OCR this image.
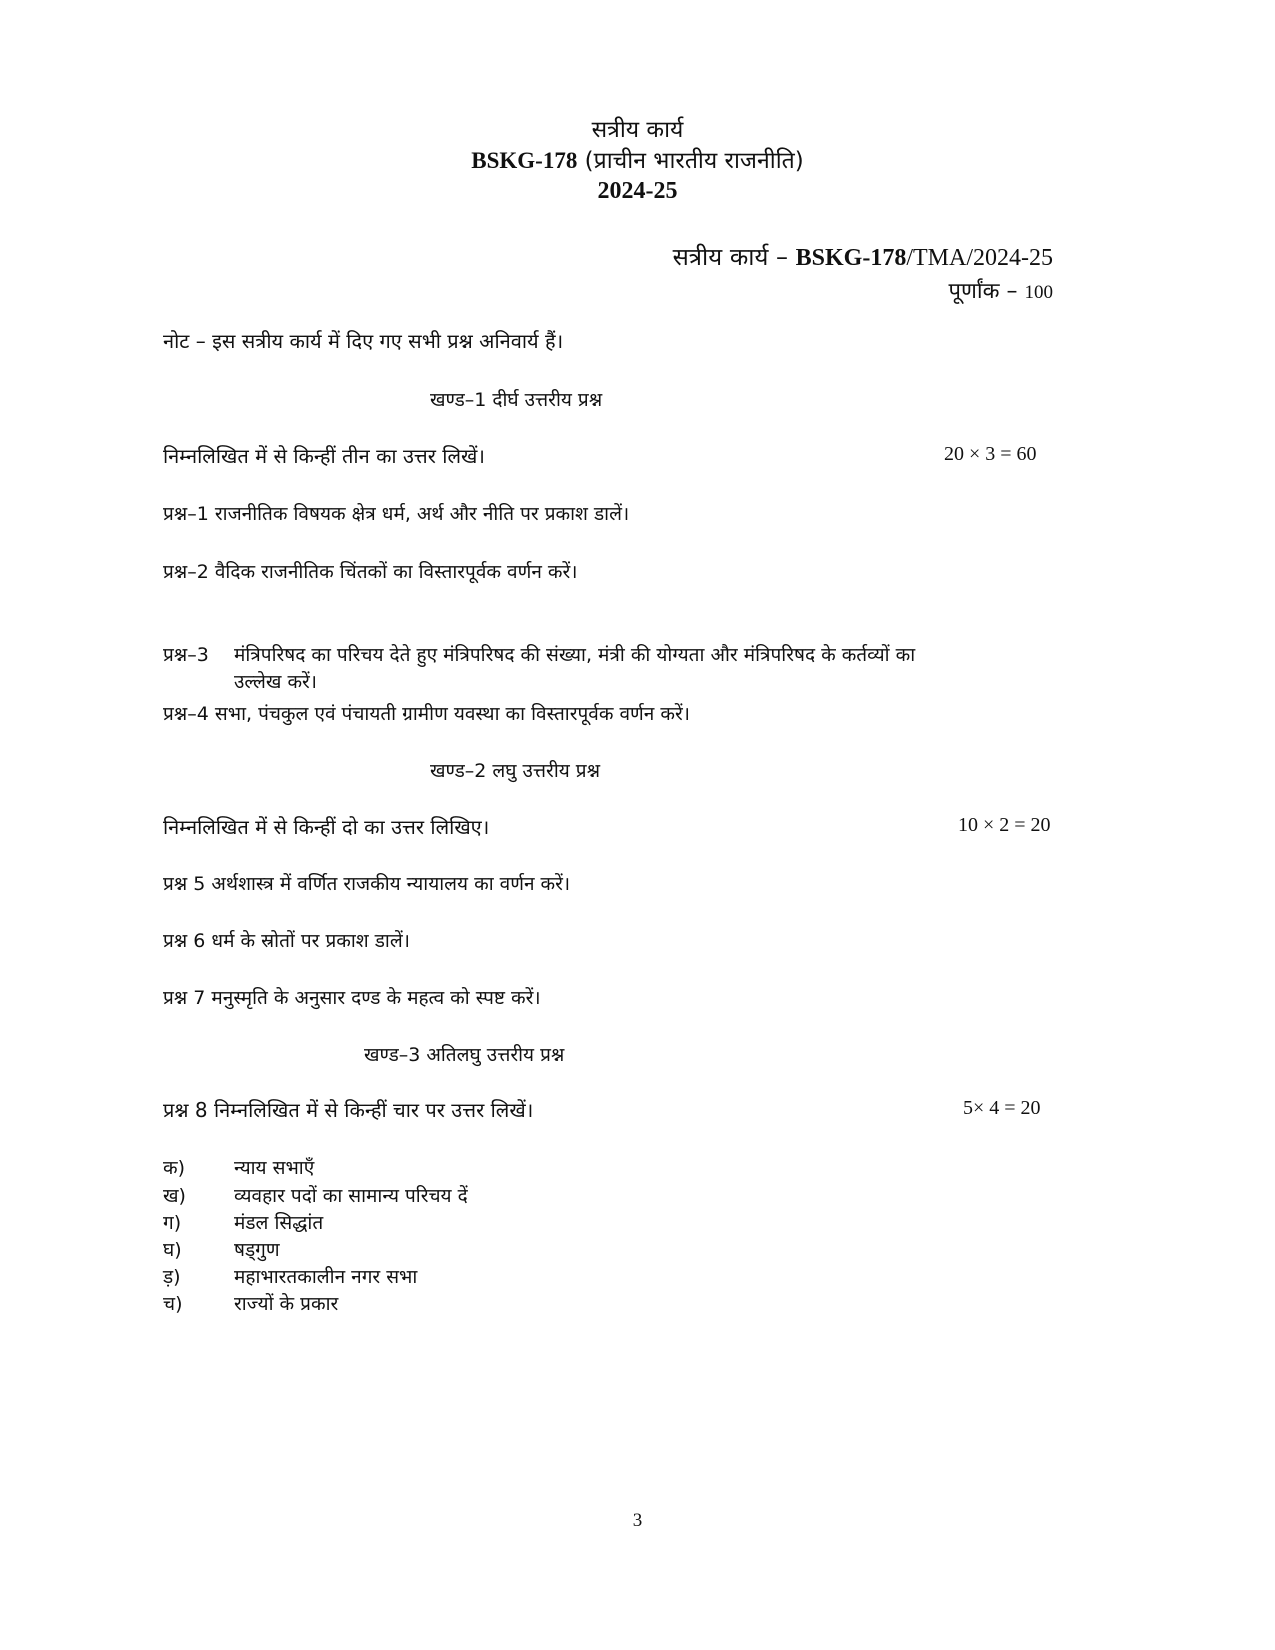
सत्रीय कार्य
BSKG-178 (प्राचीन भारतीय राजनीति)
2024-25
सत्रीय कार्य – BSKG-178/TMA/2024-25
पूर्णांक – 100
नोट – इस सत्रीय कार्य में दिए गए सभी प्रश्न अनिवार्य हैं।
खण्ड–1 दीर्घ उत्तरीय प्रश्न
निम्नलिखित में से किन्हीं तीन का उत्तर लिखें।	20 × 3 = 60
प्रश्न–1 राजनीतिक विषयक क्षेत्र धर्म, अर्थ और नीति पर प्रकाश डालें।
प्रश्न–2 वैदिक राजनीतिक चिंतकों का विस्तारपूर्वक वर्णन करें।
प्रश्न–3 मंत्रिपरिषद का परिचय देते हुए मंत्रिपरिषद की संख्या, मंत्री की योग्यता और मंत्रिपरिषद के कर्तव्यों का
उल्लेख करें।
प्रश्न–4 सभा, पंचकुल एवं पंचायती ग्रामीण यवस्था का विस्तारपूर्वक वर्णन करें।
खण्ड–2 लघु उत्तरीय प्रश्न
निम्नलिखित में से किन्हीं दो का उत्तर लिखिए।	10 × 2 = 20
प्रश्न 5 अर्थशास्त्र में वर्णित राजकीय न्यायालय का वर्णन करें।
प्रश्न 6 धर्म के स्रोतों पर प्रकाश डालें।
प्रश्न 7 मनुस्मृति के अनुसार दण्ड के महत्व को स्पष्ट करें।
खण्ड–3 अतिलघु उत्तरीय प्रश्न
प्रश्न 8 निम्नलिखित में से किन्हीं चार पर उत्तर लिखें।	5× 4 = 20
क)	न्याय सभाएँ
ख)	व्यवहार पदों का सामान्य परिचय दें
ग)	मंडल सिद्धांत
घ)	षड्गुण
ड़)	महाभारतकालीन नगर सभा
च)	राज्यों के प्रकार
3
